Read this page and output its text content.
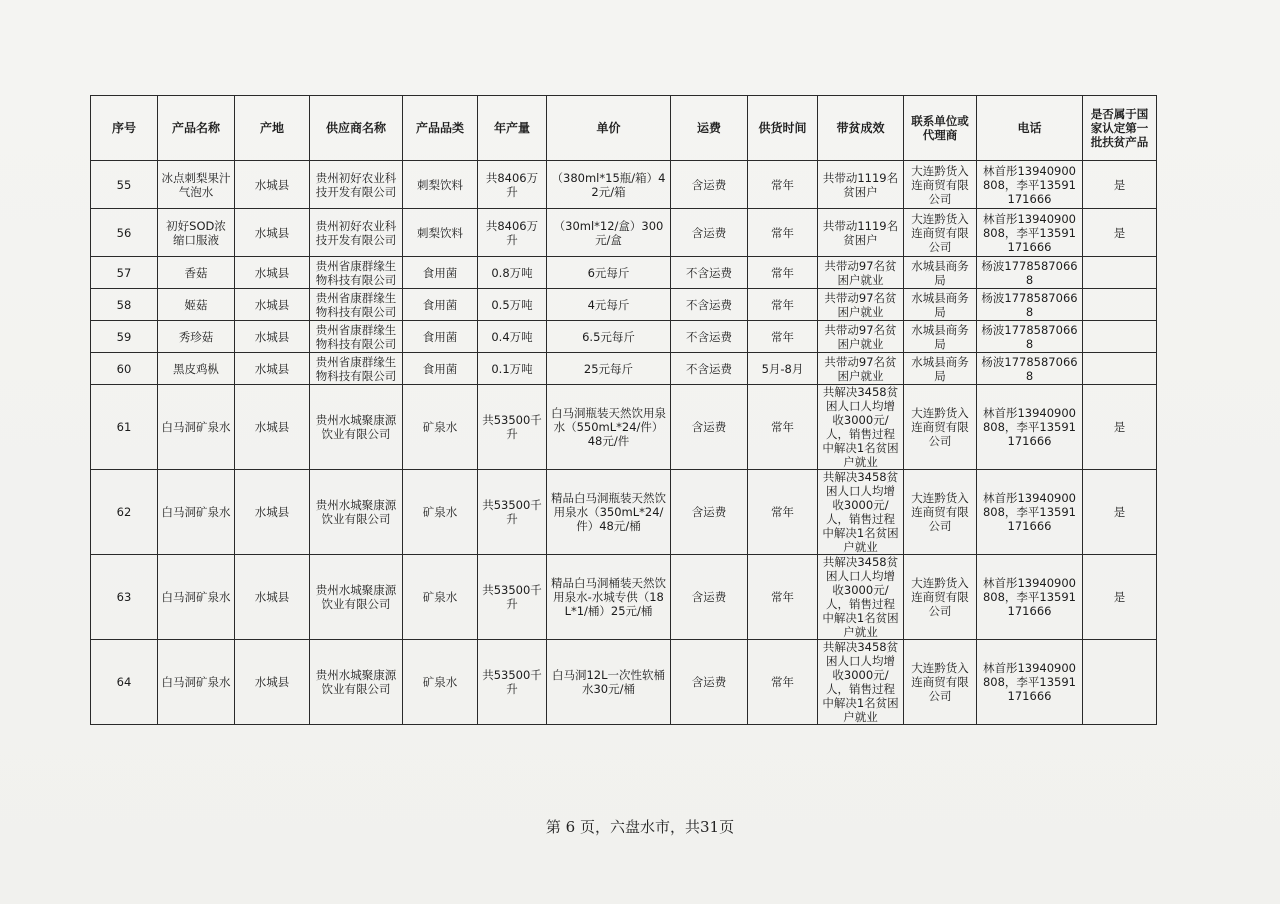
序号	产品名称	产地	供应商名称	产品品类	年产量	单价	运费	供货时间	带贫成效	联系单位或代理商	电话	是否属于国家认定第一批扶贫产品
55	冰点刺梨果汁气泡水	水城县	贵州初好农业科技开发有限公司	刺梨饮料	共8406万升	（380ml*15瓶/箱）42元/箱	含运费	常年	共带动1119名贫困户	大连黔货入连商贸有限公司	林首彤13940900808，李平13591171666	是
56	初好SOD浓缩口服液	水城县	贵州初好农业科技开发有限公司	刺梨饮料	共8406万升	（30ml*12/盒）300元/盒	含运费	常年	共带动1119名贫困户	大连黔货入连商贸有限公司	林首彤13940900808，李平13591171666	是
57	香菇	水城县	贵州省康群缘生物科技有限公司	食用菌	0.8万吨	6元每斤	不含运费	常年	共带动97名贫困户就业	水城县商务局	杨波17785870668	
58	姬菇	水城县	贵州省康群缘生物科技有限公司	食用菌	0.5万吨	4元每斤	不含运费	常年	共带动97名贫困户就业	水城县商务局	杨波17785870668	
59	秀珍菇	水城县	贵州省康群缘生物科技有限公司	食用菌	0.4万吨	6.5元每斤	不含运费	常年	共带动97名贫困户就业	水城县商务局	杨波17785870668	
60	黑皮鸡枞	水城县	贵州省康群缘生物科技有限公司	食用菌	0.1万吨	25元每斤	不含运费	5月-8月	共带动97名贫困户就业	水城县商务局	杨波17785870668	
61	白马洞矿泉水	水城县	贵州水城聚康源饮业有限公司	矿泉水	共53500千升	白马洞瓶装天然饮用泉水（550mL*24/件）48元/件	含运费	常年	共解决3458贫困人口人均增收3000元/人，销售过程中解决1名贫困户就业	大连黔货入连商贸有限公司	林首彤13940900808，李平13591171666	是
62	白马洞矿泉水	水城县	贵州水城聚康源饮业有限公司	矿泉水	共53500千升	精品白马洞瓶装天然饮用泉水（350mL*24/件）48元/桶	含运费	常年	共解决3458贫困人口人均增收3000元/人，销售过程中解决1名贫困户就业	大连黔货入连商贸有限公司	林首彤13940900808，李平13591171666	是
63	白马洞矿泉水	水城县	贵州水城聚康源饮业有限公司	矿泉水	共53500千升	精品白马洞桶装天然饮用泉水-水城专供（18L*1/桶）25元/桶	含运费	常年	共解决3458贫困人口人均增收3000元/人，销售过程中解决1名贫困户就业	大连黔货入连商贸有限公司	林首彤13940900808，李平13591171666	是
64	白马洞矿泉水	水城县	贵州水城聚康源饮业有限公司	矿泉水	共53500千升	白马洞12L一次性软桶水30元/桶	含运费	常年	共解决3458贫困人口人均增收3000元/人，销售过程中解决1名贫困户就业	大连黔货入连商贸有限公司	林首彤13940900808，李平13591171666	
第 6 页，六盘水市，共31页
